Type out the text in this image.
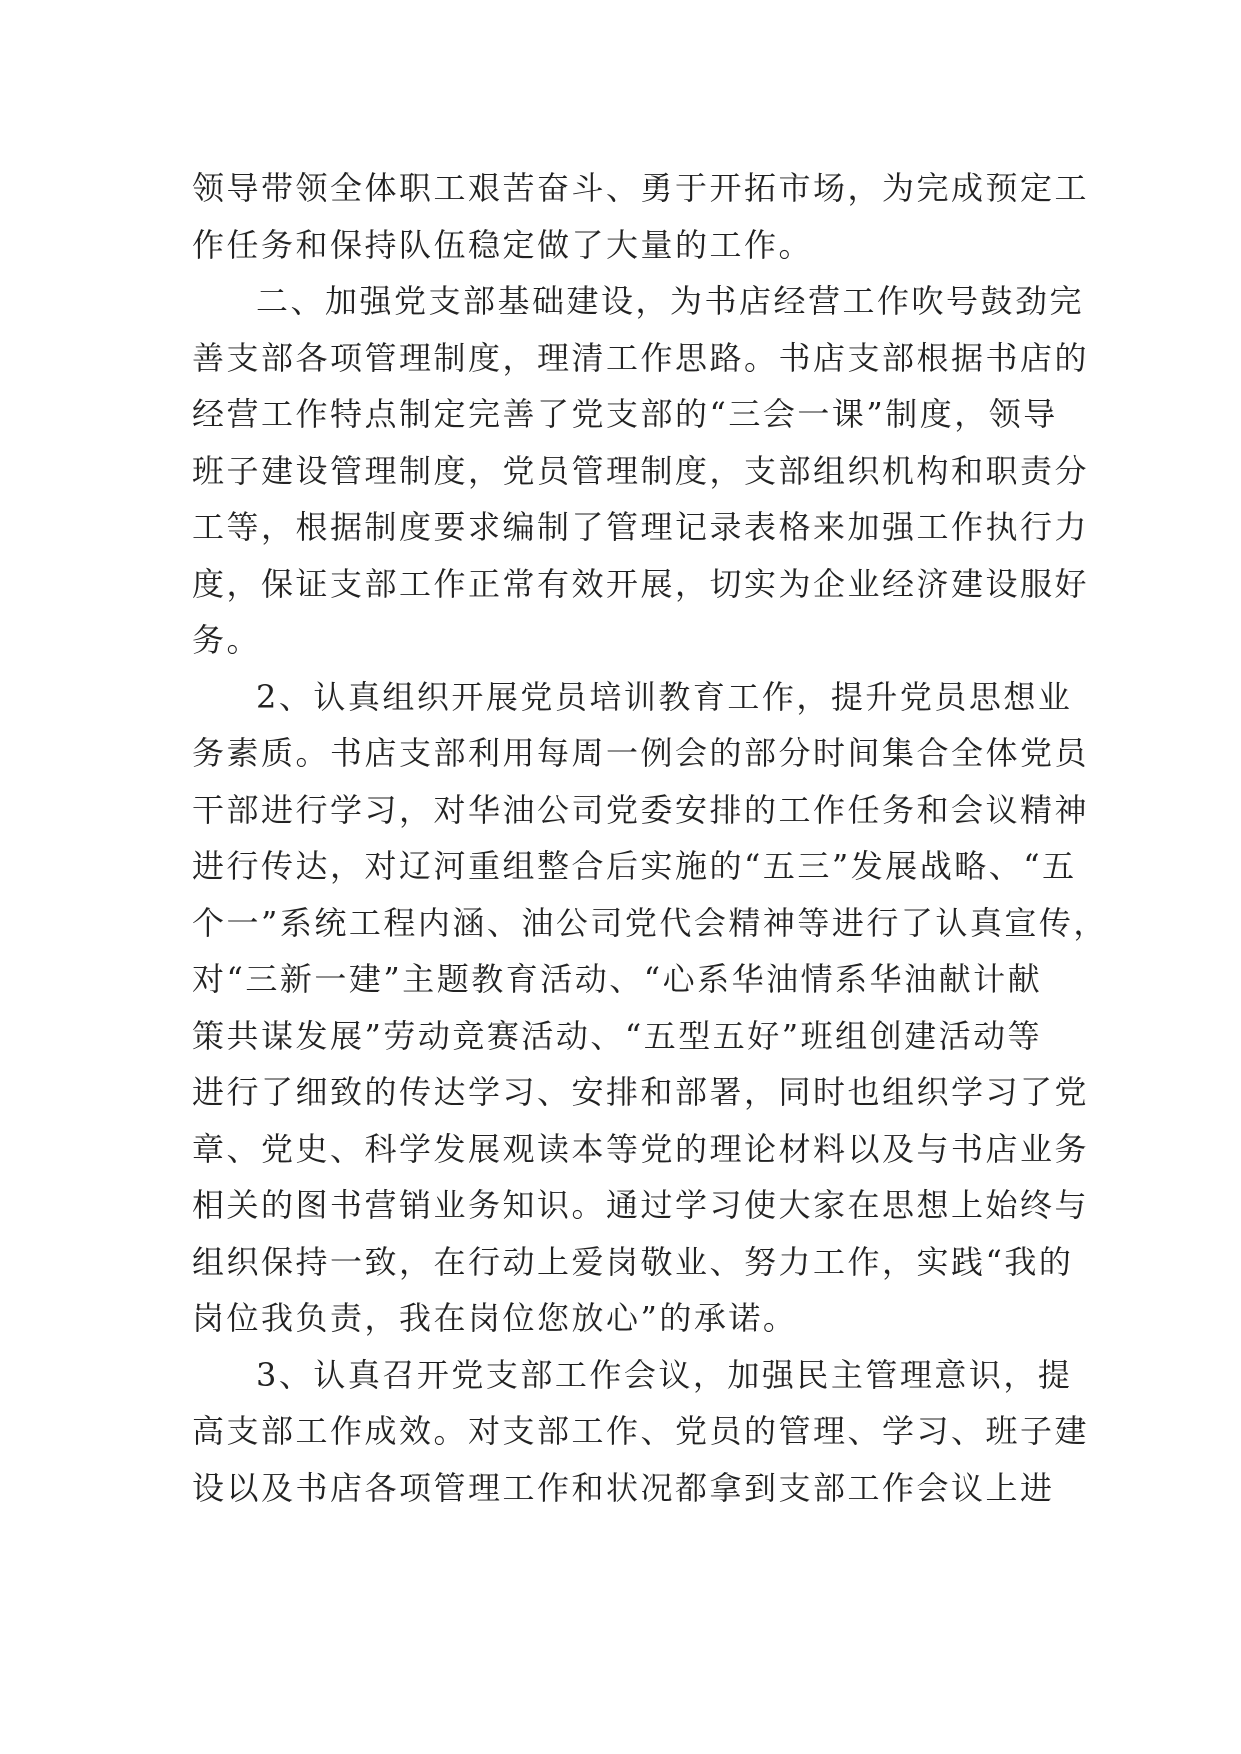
领导带领全体职工艰苦奋斗、勇于开拓市场，为完成预定工
作任务和保持队伍稳定做了大量的工作。
二、加强党支部基础建设，为书店经营工作吹号鼓劲完
善支部各项管理制度，理清工作思路。书店支部根据书店的
经营工作特点制定完善了党支部的“三会一课”制度，领导
班子建设管理制度，党员管理制度，支部组织机构和职责分
工等，根据制度要求编制了管理记录表格来加强工作执行力
度，保证支部工作正常有效开展，切实为企业经济建设服好
务。
2、认真组织开展党员培训教育工作，提升党员思想业
务素质。书店支部利用每周一例会的部分时间集合全体党员
干部进行学习，对华油公司党委安排的工作任务和会议精神
进行传达，对辽河重组整合后实施的“五三”发展战略、“五
个一”系统工程内涵、油公司党代会精神等进行了认真宣传，
对“三新一建”主题教育活动、“心系华油情系华油献计献
策共谋发展”劳动竞赛活动、“五型五好”班组创建活动等
进行了细致的传达学习、安排和部署，同时也组织学习了党
章、党史、科学发展观读本等党的理论材料以及与书店业务
相关的图书营销业务知识。通过学习使大家在思想上始终与
组织保持一致，在行动上爱岗敬业、努力工作，实践“我的
岗位我负责，我在岗位您放心”的承诺。
3、认真召开党支部工作会议，加强民主管理意识，提
高支部工作成效。对支部工作、党员的管理、学习、班子建
设以及书店各项管理工作和状况都拿到支部工作会议上进
